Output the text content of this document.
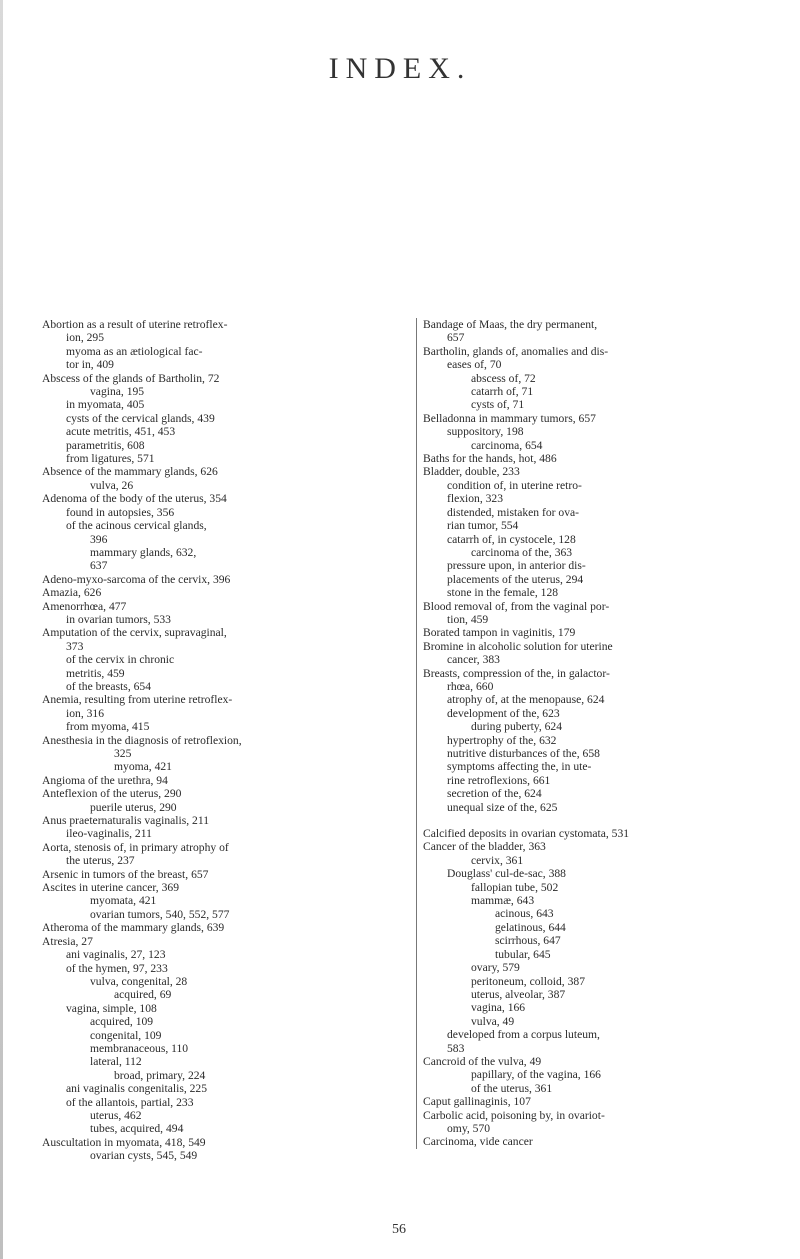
INDEX.
Abortion as a result of uterine retroflex-
ion, 295
myoma as an ætiological fac-
tor in, 409
Abscess of the glands of Bartholin, 72
vagina, 195
in myomata, 405
cysts of the cervical glands, 439
acute metritis, 451, 453
parametritis, 608
from ligatures, 571
Absence of the mammary glands, 626
vulva, 26
Adenoma of the body of the uterus, 354
found in autopsies, 356
of the acinous cervical glands,
396
mammary glands, 632,
637
Adeno-myxo-sarcoma of the cervix, 396
Amazia, 626
Amenorrhœa, 477
in ovarian tumors, 533
Amputation of the cervix, supravaginal,
373
of the cervix in chronic
metritis, 459
of the breasts, 654
Anemia, resulting from uterine retroflex-
ion, 316
from myoma, 415
Anesthesia in the diagnosis of retroflexion,
325
myoma, 421
Angioma of the urethra, 94
Anteflexion of the uterus, 290
puerile uterus, 290
Anus praeternaturalis vaginalis, 211
ileo-vaginalis, 211
Aorta, stenosis of, in primary atrophy of
the uterus, 237
Arsenic in tumors of the breast, 657
Ascites in uterine cancer, 369
myomata, 421
ovarian tumors, 540, 552, 577
Atheroma of the mammary glands, 639
Atresia, 27
ani vaginalis, 27, 123
of the hymen, 97, 233
vulva, congenital, 28
acquired, 69
vagina, simple, 108
acquired, 109
congenital, 109
membranaceous, 110
lateral, 112
broad, primary, 224
ani vaginalis congenitalis, 225
of the allantois, partial, 233
uterus, 462
tubes, acquired, 494
Auscultation in myomata, 418, 549
ovarian cysts, 545, 549
Bandage of Maas, the dry permanent,
657
Bartholin, glands of, anomalies and dis-
eases of, 70
abscess of, 72
catarrh of, 71
cysts of, 71
Belladonna in mammary tumors, 657
suppository, 198
carcinoma, 654
Baths for the hands, hot, 486
Bladder, double, 233
condition of, in uterine retro-
flexion, 323
distended, mistaken for ova-
rian tumor, 554
catarrh of, in cystocele, 128
carcinoma of the, 363
pressure upon, in anterior dis-
placements of the uterus, 294
stone in the female, 128
Blood removal of, from the vaginal por-
tion, 459
Borated tampon in vaginitis, 179
Bromine in alcoholic solution for uterine
cancer, 383
Breasts, compression of the, in galactor-
rhœa, 660
atrophy of, at the menopause, 624
development of the, 623
during puberty, 624
hypertrophy of the, 632
nutritive disturbances of the, 658
symptoms affecting the, in ute-
rine retroflexions, 661
secretion of the, 624
unequal size of the, 625
Calcified deposits in ovarian cystomata, 531
Cancer of the bladder, 363
cervix, 361
Douglass' cul-de-sac, 388
fallopian tube, 502
mammæ, 643
acinous, 643
gelatinous, 644
scirrhous, 647
tubular, 645
ovary, 579
peritoneum, colloid, 387
uterus, alveolar, 387
vagina, 166
vulva, 49
developed from a corpus luteum,
583
Cancroid of the vulva, 49
papillary, of the vagina, 166
of the uterus, 361
Caput gallinaginis, 107
Carbolic acid, poisoning by, in ovariot-
omy, 570
Carcinoma, vide cancer
56
